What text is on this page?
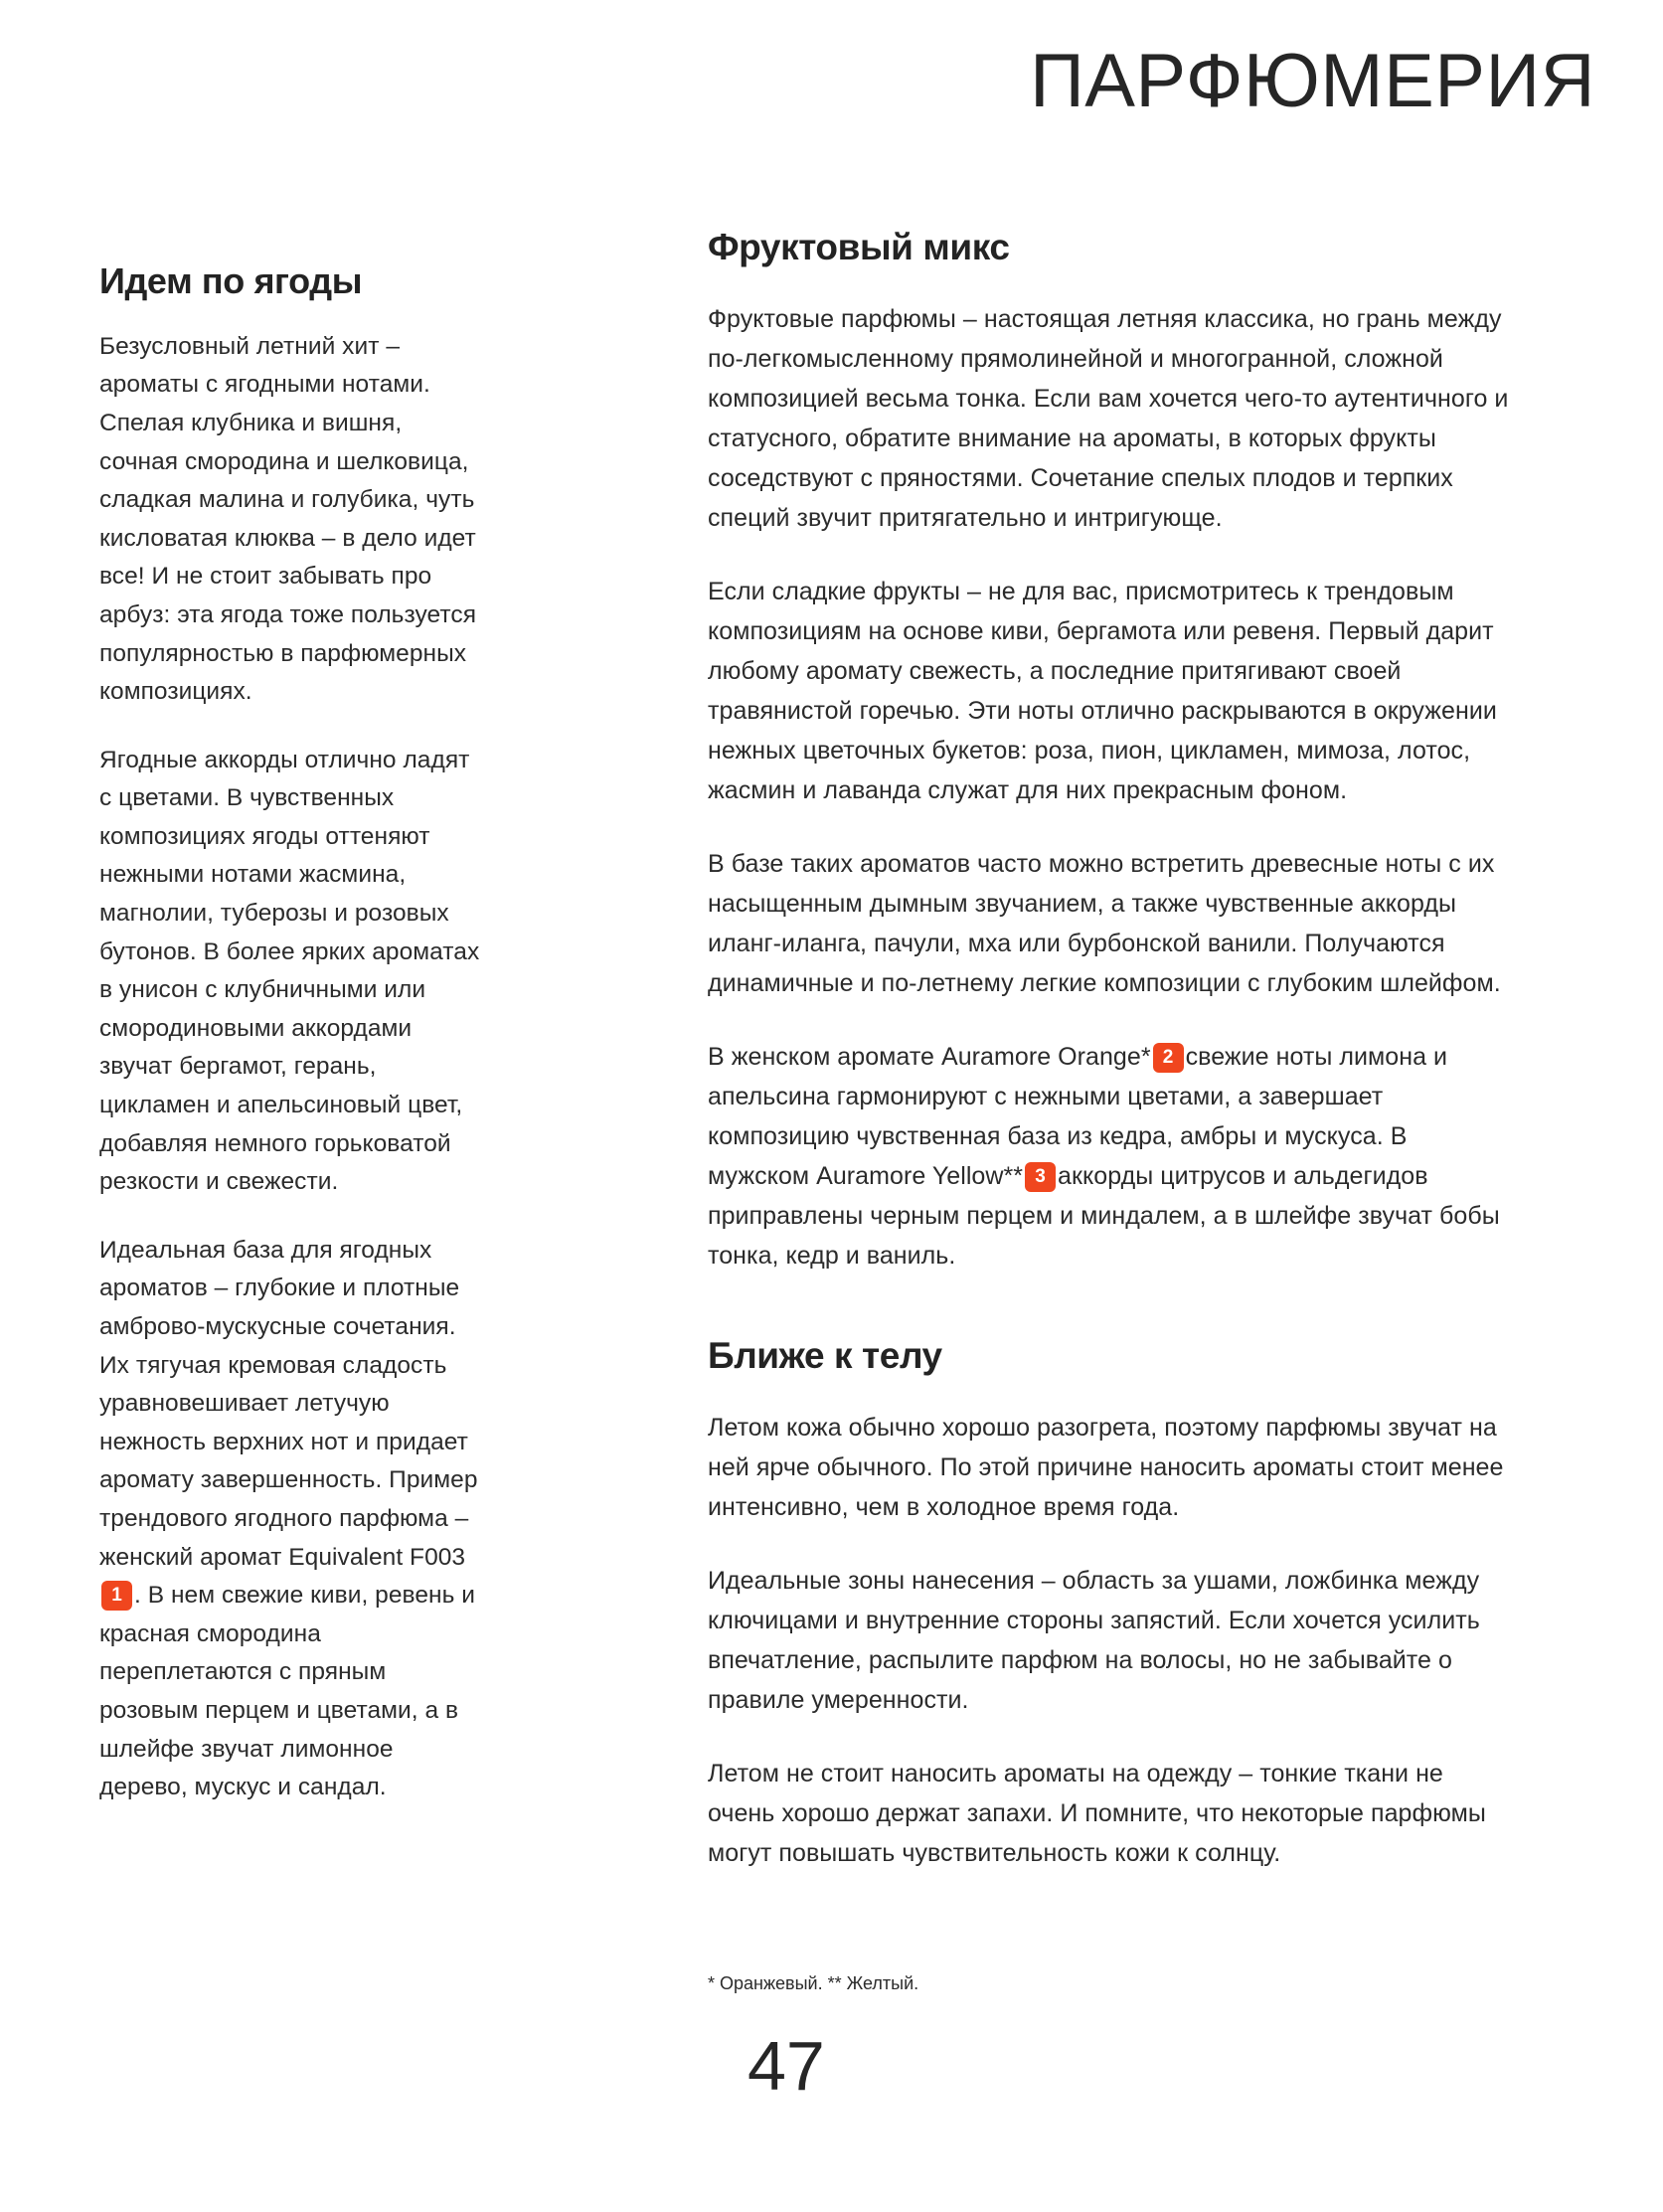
ПАРФЮМЕРИЯ
Идем по ягоды

Безусловный летний хит – ароматы с ягодными нотами. Спелая клубника и вишня, сочная смородина и шелковица, сладкая малина и голубика, чуть кисловатая клюква – в дело идет все! И не стоит забывать про арбуз: эта ягода тоже пользуется популярностью в парфюмерных композициях.

Ягодные аккорды отлично ладят с цветами. В чувственных композициях ягоды оттеняют нежными нотами жасмина, магнолии, туберозы и розовых бутонов. В более ярких ароматах в унисон с клубничными или смородиновыми аккордами звучат бергамот, герань, цикламен и апельсиновый цвет, добавляя немного горьковатой резкости и свежести.

Идеальная база для ягодных ароматов – глубокие и плотные амброво-мускусные сочетания. Их тягучая кремовая сладость уравновешивает летучую нежность верхних нот и придает аромату завершенность. Пример трендового ягодного парфюма – женский аромат Equivalent F0031 . В нем свежие киви, ревень и красная смородина переплетаются с пряным розовым перцем и цветами, а в шлейфе звучат лимонное дерево, мускус и сандал.

Фруктовый микс

Фруктовые парфюмы – настоящая летняя классика, но грань между по-легкомысленному прямолинейной и многогранной, сложной композицией весьма тонка. Если вам хочется чего-то аутентичного и статусного, обратите внимание на ароматы, в которых фрукты соседствуют с пряностями. Сочетание спелых плодов и терпких специй звучит притягательно и интригующе.

Если сладкие фрукты – не для вас, присмотритесь к трендовым композициям на основе киви, бергамота или ревеня. Первый дарит любому аромату свежесть, а последние притягивают своей травянистой горечью. Эти ноты отлично раскрываются в окружении нежных цветочных букетов: роза, пион, цикламен, мимоза, лотос, жасмин и лаванда служат для них прекрасным фоном.

В базе таких ароматов часто можно встретить древесные ноты с их насыщенным дымным звучанием, а также чувственные аккорды иланг-иланга, пачули, мха или бурбонской ванили. Получаются динамичные и по-летнему легкие композиции с глубоким шлейфом.

В женском аромате Auramore Orange* 2 свежие ноты лимона и апельсина гармонируют с нежными цветами, а завершает композицию чувственная база из кедра, амбры и мускуса. В мужском Auramore Yellow** 3 аккорды цитрусов и альдегидов приправлены черным перцем и миндалем, а в шлейфе звучат бобы тонка, кедр и ваниль.

Ближе к телу

Летом кожа обычно хорошо разогрета, поэтому парфюмы звучат на ней ярче обычного. По этой причине наносить ароматы стоит менее интенсивно, чем в холодное время года.

Идеальные зоны нанесения – область за ушами, ложбинка между ключицами и внутренние стороны запястий. Если хочется усилить впечатление, распылите парфюм на волосы, но не забывайте о правиле умеренности.

Летом не стоит наносить ароматы на одежду – тонкие ткани не очень хорошо держат запахи. И помните, что некоторые парфюмы могут повышать чувствительность кожи к солнцу.

* Оранжевый. ** Желтый.
47
